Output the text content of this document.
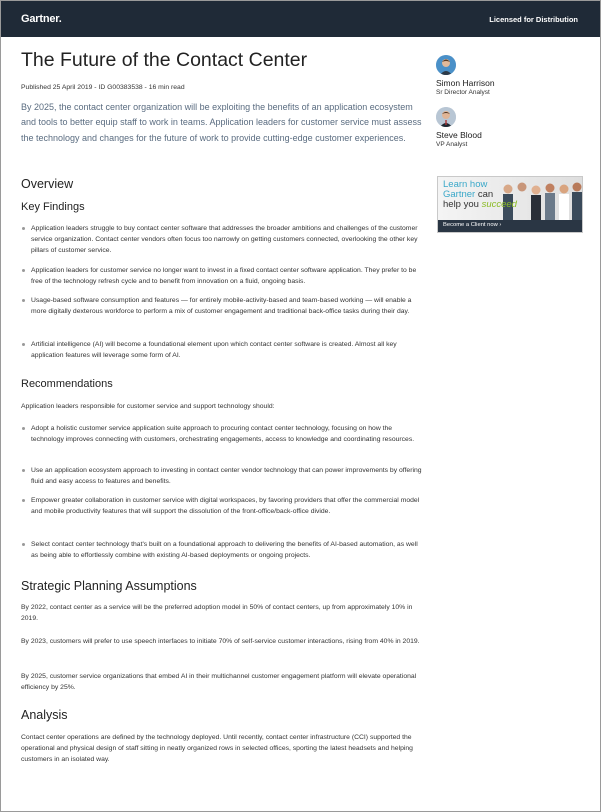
Gartner.	Licensed for Distribution
The Future of the Contact Center
Published 25 April 2019 - ID G00383538 - 16 min read

By 2025, the contact center organization will be exploiting the benefits of an application ecosystem and tools to better equip staff to work in teams. Application leaders for customer service must assess the technology and changes for the future of work to provide cutting-edge customer experiences.

Simon Harrison
Sr Director Analyst
Steve Blood
VP Analyst
Learn how
Gartner can
help you succeed
Become a Client now ›
Overview
Key Findings
Application leaders struggle to buy contact center software that addresses the broader ambitions and challenges of the customer service organization. Contact center vendors often focus too narrowly on getting customers connected, overlooking the other key pillars of customer service.
Application leaders for customer service no longer want to invest in a fixed contact center software application. They prefer to be free of the technology refresh cycle and to benefit from innovation on a fluid, ongoing basis.
Usage-based software consumption and features — for entirely mobile-activity-based and team-based working — will enable a more digitally dexterous workforce to perform a mix of customer engagement and traditional back-office tasks during their day.
Artificial intelligence (AI) will become a foundational element upon which contact center software is created. Almost all key application features will leverage some form of AI.
Recommendations
Application leaders responsible for customer service and support technology should:
Adopt a holistic customer service application suite approach to procuring contact center technology, focusing on how the technology improves connecting with customers, orchestrating engagements, access to knowledge and coordinating resources.
Use an application ecosystem approach to investing in contact center vendor technology that can power improvements by offering fluid and easy access to features and benefits.
Empower greater collaboration in customer service with digital workspaces, by favoring providers that offer the commercial model and mobile productivity features that will support the dissolution of the front-office/back-office divide.
Select contact center technology that's built on a foundational approach to delivering the benefits of AI-based automation, as well as being able to effortlessly combine with existing AI-based deployments or ongoing projects.
Strategic Planning Assumptions
By 2022, contact center as a service will be the preferred adoption model in 50% of contact centers, up from approximately 10% in 2019.
By 2023, customers will prefer to use speech interfaces to initiate 70% of self-service customer interactions, rising from 40% in 2019.
By 2025, customer service organizations that embed AI in their multichannel customer engagement platform will elevate operational efficiency by 25%.
Analysis
Contact center operations are defined by the technology deployed. Until recently, contact center infrastructure (CCI) supported the operational and physical design of staff sitting in neatly organized rows in selected offices, sporting the latest headsets and helping customers in an isolated way.
